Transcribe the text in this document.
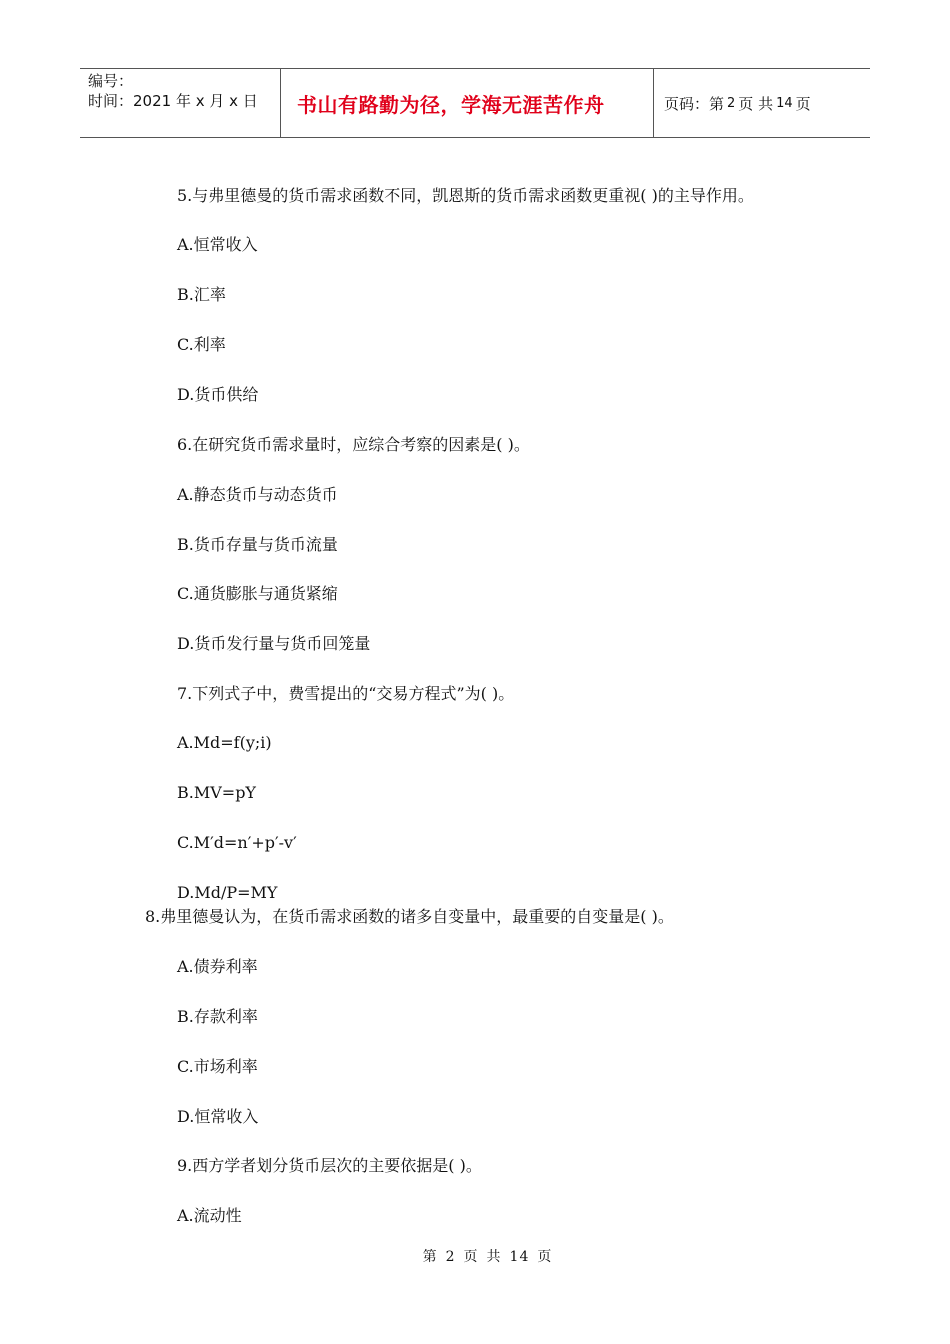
编号：
时间：2021 年 x 月 x 日	书山有路勤为径，学海无涯苦作舟	页码：第 2 页 共 14 页
5.与弗里德曼的货币需求函数不同，凯恩斯的货币需求函数更重视( )的主导作用。
A.恒常收入
B.汇率
C.利率
D.货币供给
6.在研究货币需求量时，应综合考察的因素是( )。
A.静态货币与动态货币
B.货币存量与货币流量
C.通货膨胀与通货紧缩
D.货币发行量与货币回笼量
7.下列式子中，费雪提出的“交易方程式”为( )。
A.Md=f(y;i)
B.MV=pY
C.M′d=n′+p′-v′
D.Md/P=MY
8.弗里德曼认为，在货币需求函数的诸多自变量中，最重要的自变量是( )。
A.债券利率
B.存款利率
C.市场利率
D.恒常收入
9.西方学者划分货币层次的主要依据是( )。
A.流动性
第 2 页 共 14 页
